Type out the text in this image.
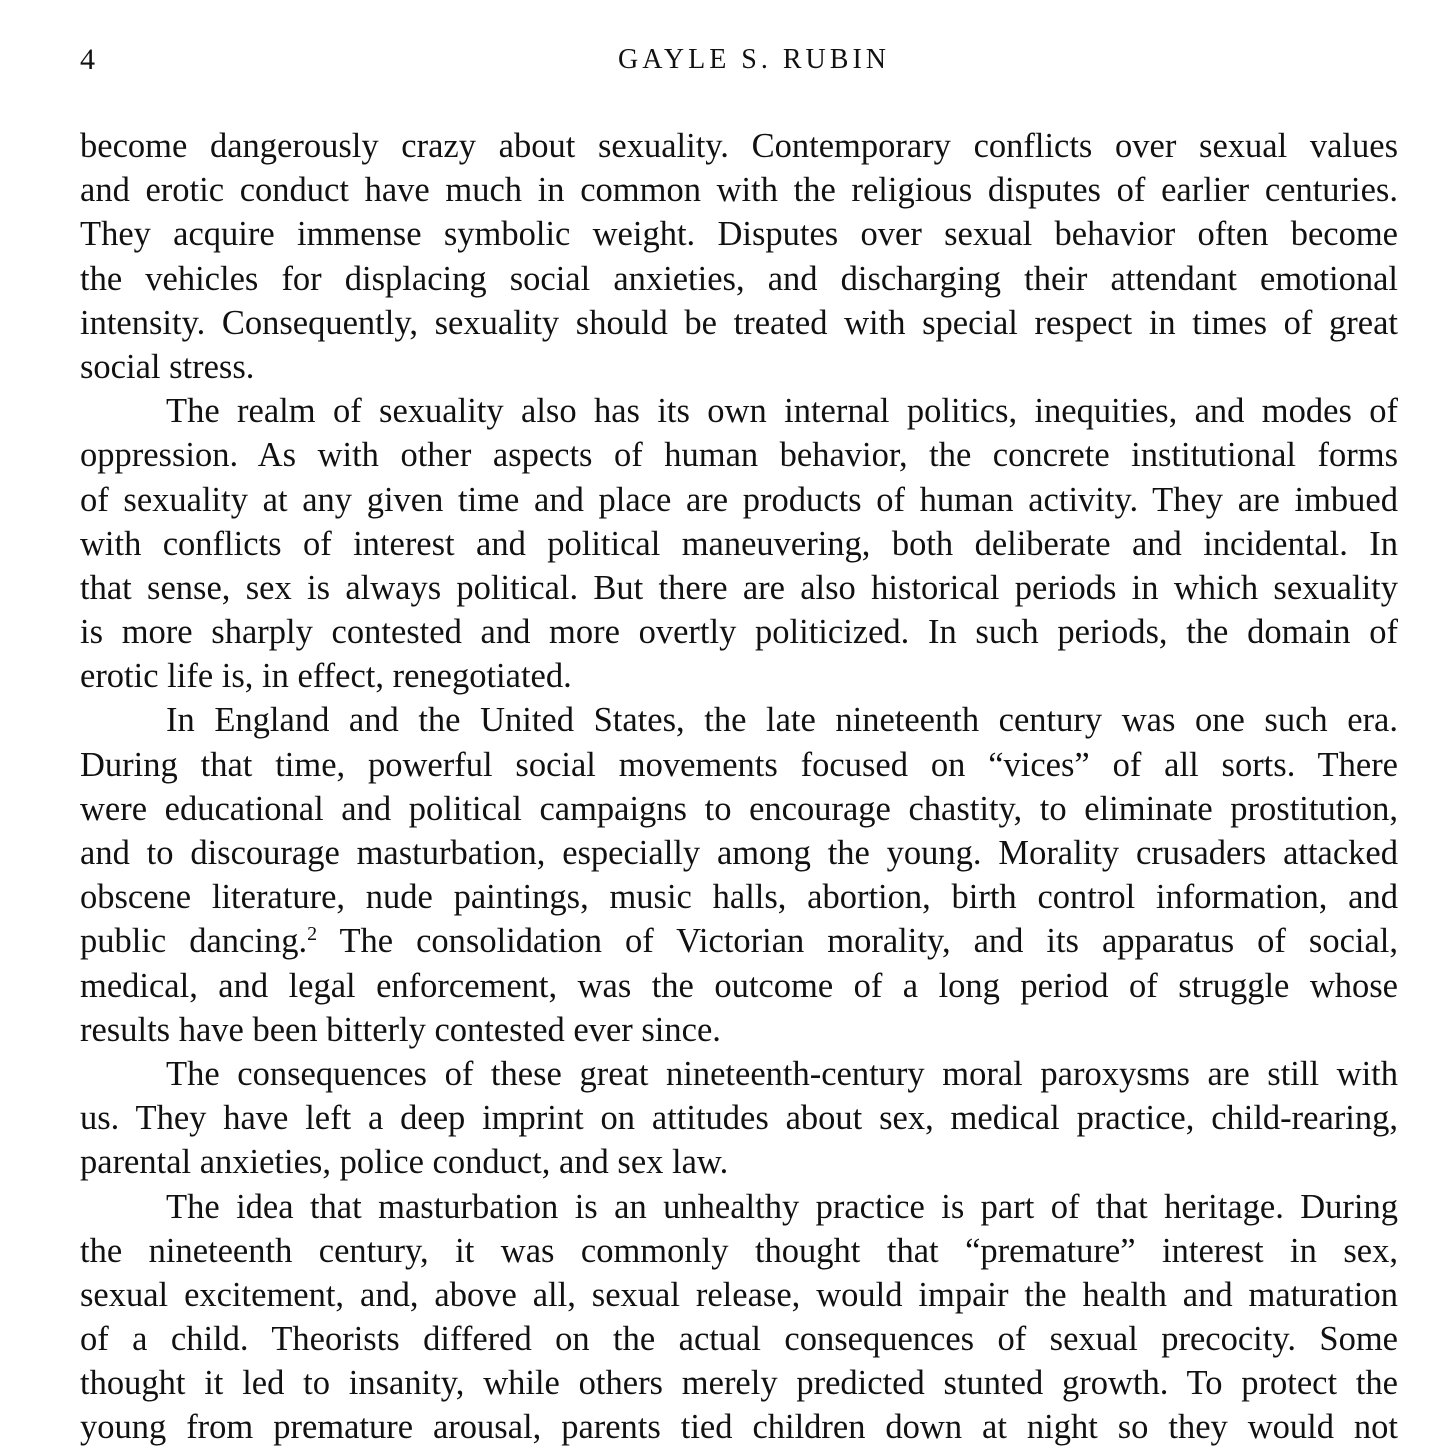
4	GAYLE S. RUBIN
become dangerously crazy about sexuality. Contemporary conflicts over sexual values
and erotic conduct have much in common with the religious disputes of earlier centuries.
They acquire immense symbolic weight. Disputes over sexual behavior often become
the vehicles for displacing social anxieties, and discharging their attendant emotional
intensity. Consequently, sexuality should be treated with special respect in times of great
social stress.
The realm of sexuality also has its own internal politics, inequities, and modes of
oppression. As with other aspects of human behavior, the concrete institutional forms
of sexuality at any given time and place are products of human activity. They are imbued
with conflicts of interest and political maneuvering, both deliberate and incidental. In
that sense, sex is always political. But there are also historical periods in which sexuality
is more sharply contested and more overtly politicized. In such periods, the domain of
erotic life is, in effect, renegotiated.
In England and the United States, the late nineteenth century was one such era.
During that time, powerful social movements focused on “vices” of all sorts. There
were educational and political campaigns to encourage chastity, to eliminate prostitution,
and to discourage masturbation, especially among the young. Morality crusaders attacked
obscene literature, nude paintings, music halls, abortion, birth control information, and
public dancing.$^2$ The consolidation of Victorian morality, and its apparatus of social,
medical, and legal enforcement, was the outcome of a long period of struggle whose
results have been bitterly contested ever since.
The consequences of these great nineteenth-century moral paroxysms are still with
us. They have left a deep imprint on attitudes about sex, medical practice, child-rearing,
parental anxieties, police conduct, and sex law.
The idea that masturbation is an unhealthy practice is part of that heritage. During
the nineteenth century, it was commonly thought that “premature” interest in sex,
sexual excitement, and, above all, sexual release, would impair the health and maturation
of a child. Theorists differed on the actual consequences of sexual precocity. Some
thought it led to insanity, while others merely predicted stunted growth. To protect the
young from premature arousal, parents tied children down at night so they would not
